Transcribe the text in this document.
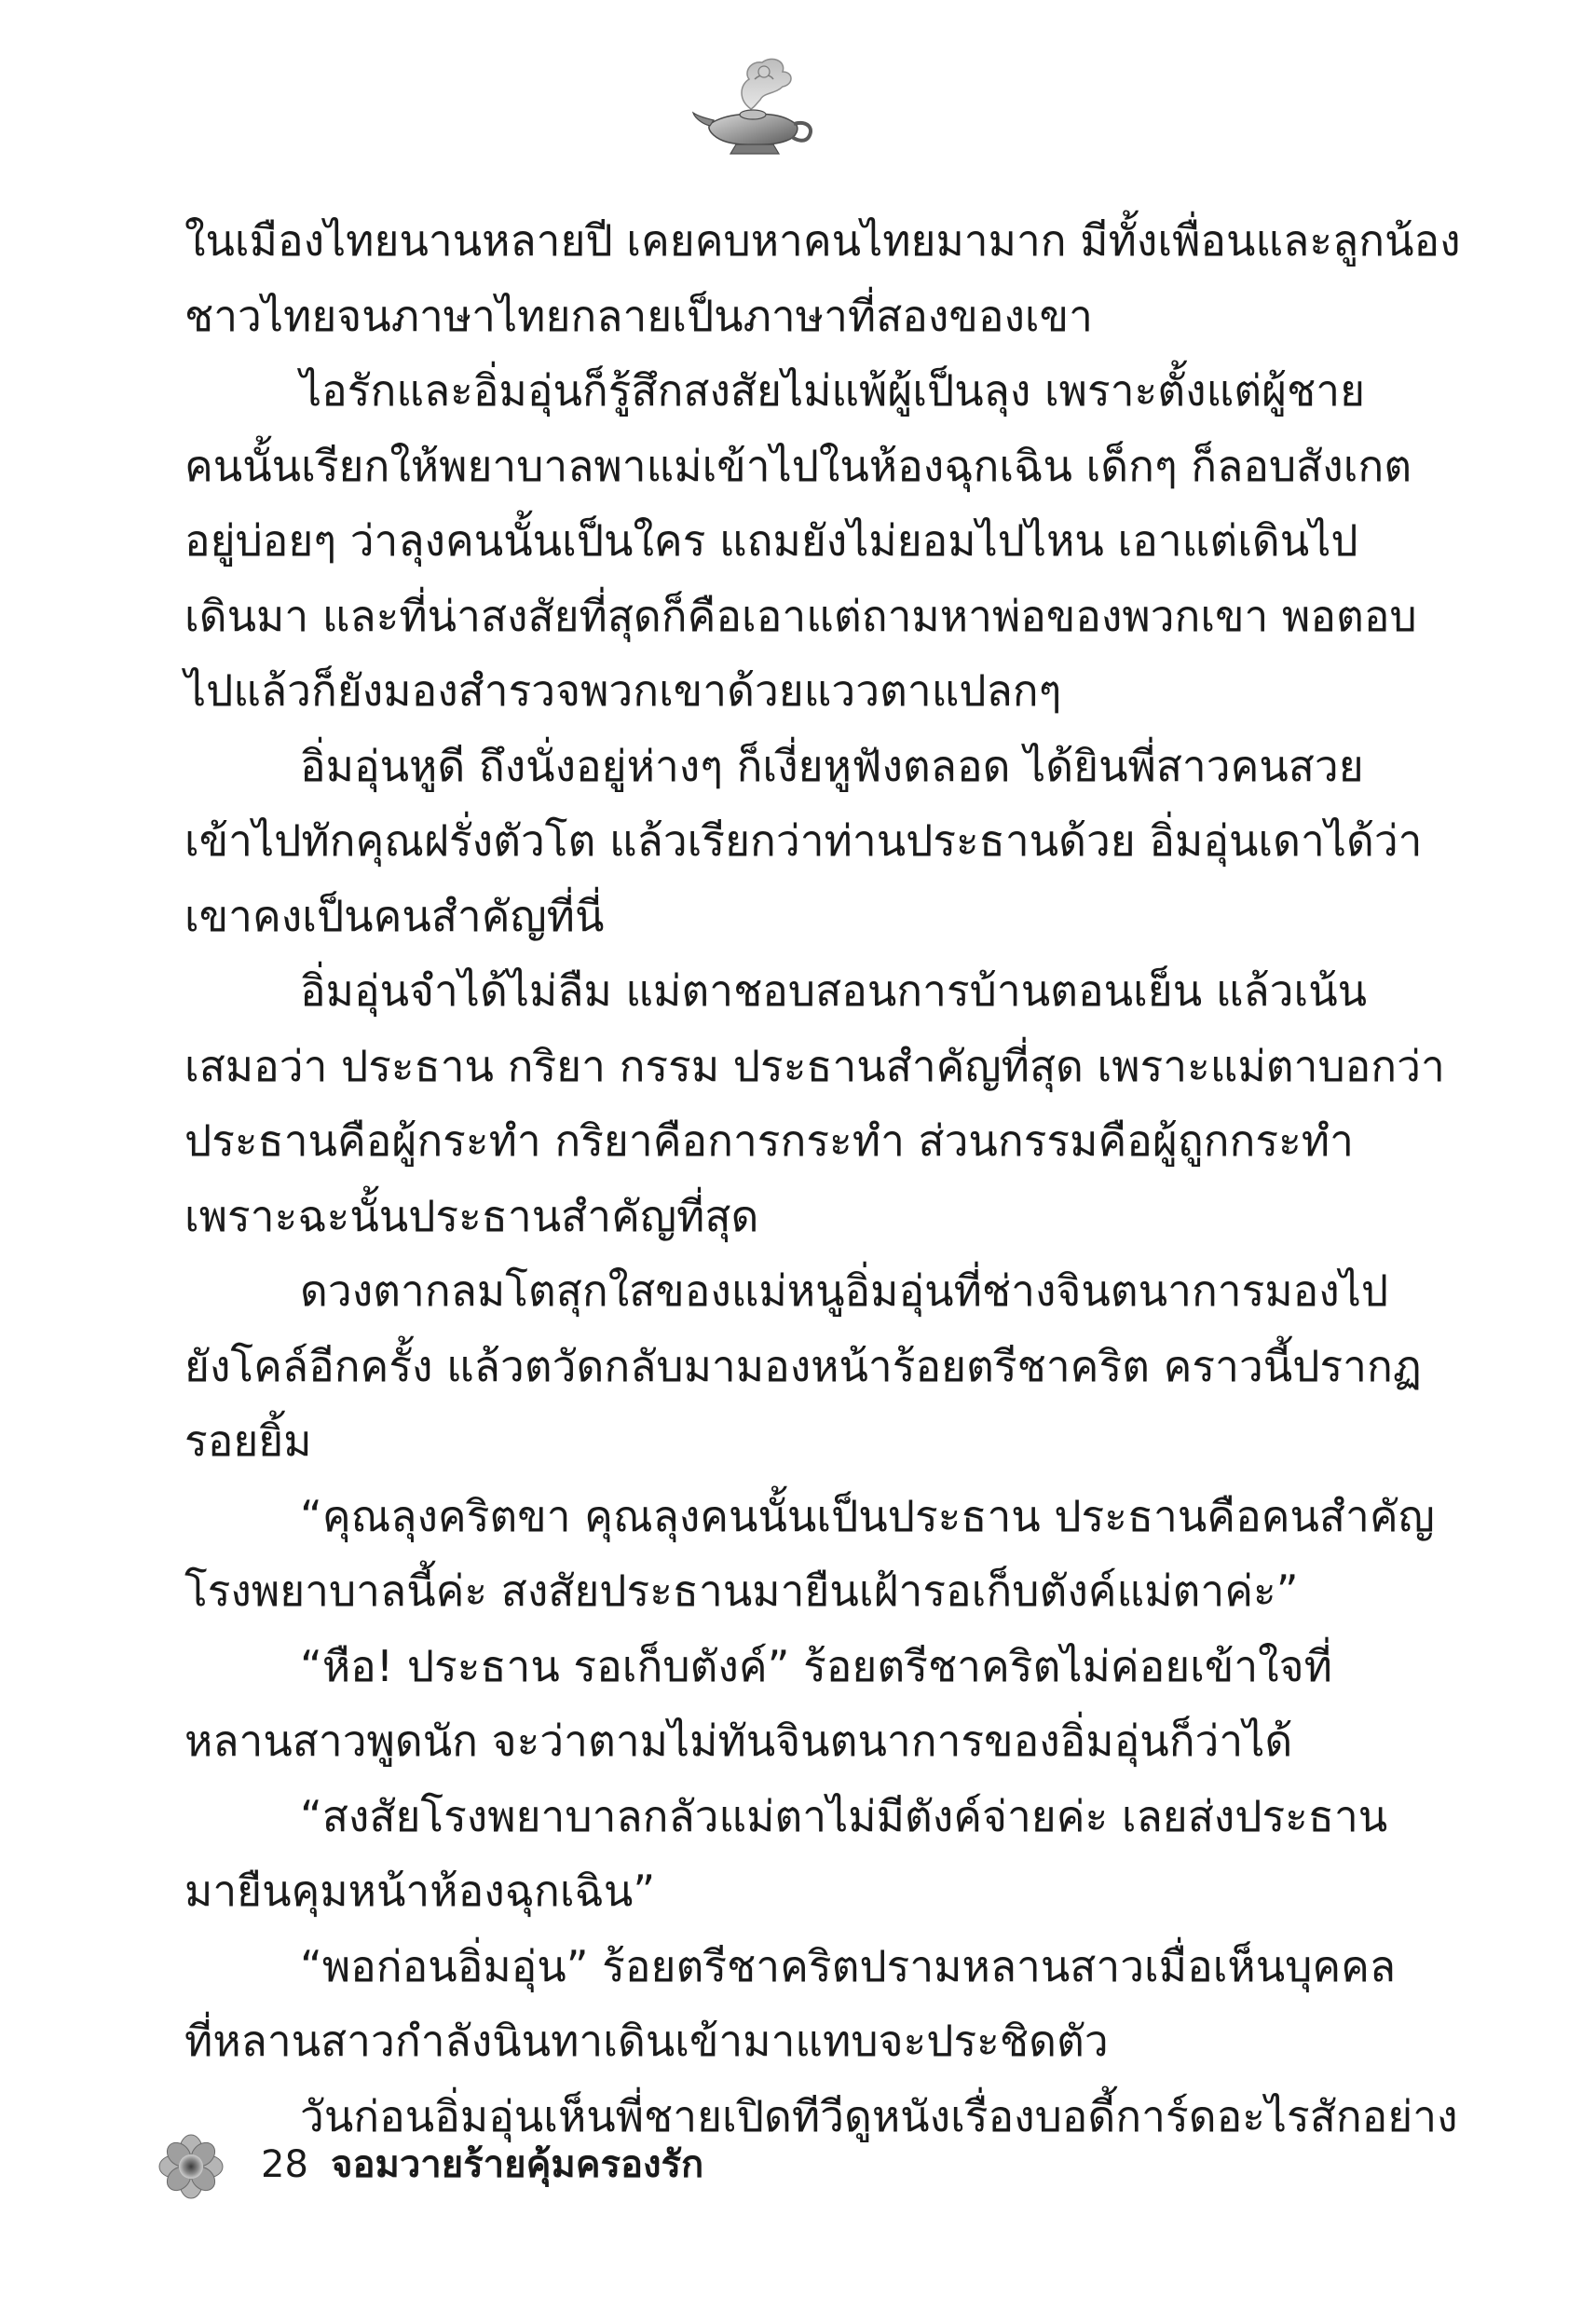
ในเมืองไทยนานหลายปี เคยคบหาคนไทยมามาก มีทั้งเพื่อนและลูกน้อง
ชาวไทยจนภาษาไทยกลายเป็นภาษาที่สองของเขา
ไอรักและอิ่มอุ่นก็รู้สึกสงสัยไม่แพ้ผู้เป็นลุง เพราะตั้งแต่ผู้ชาย
คนนั้นเรียกให้พยาบาลพาแม่เข้าไปในห้องฉุกเฉิน เด็กๆ ก็ลอบสังเกต
อยู่บ่อยๆ ว่าลุงคนนั้นเป็นใคร แถมยังไม่ยอมไปไหน เอาแต่เดินไป
เดินมา และที่น่าสงสัยที่สุดก็คือเอาแต่ถามหาพ่อของพวกเขา พอตอบ
ไปแล้วก็ยังมองสำรวจพวกเขาด้วยแววตาแปลกๆ
อิ่มอุ่นหูดี ถึงนั่งอยู่ห่างๆ ก็เงี่ยหูฟังตลอด ได้ยินพี่สาวคนสวย
เข้าไปทักคุณฝรั่งตัวโต แล้วเรียกว่าท่านประธานด้วย อิ่มอุ่นเดาได้ว่า
เขาคงเป็นคนสำคัญที่นี่
อิ่มอุ่นจำได้ไม่ลืม แม่ตาชอบสอนการบ้านตอนเย็น แล้วเน้น
เสมอว่า ประธาน กริยา กรรม ประธานสำคัญที่สุด เพราะแม่ตาบอกว่า
ประธานคือผู้กระทำ กริยาคือการกระทำ ส่วนกรรมคือผู้ถูกกระทำ
เพราะฉะนั้นประธานสำคัญที่สุด
ดวงตากลมโตสุกใสของแม่หนูอิ่มอุ่นที่ช่างจินตนาการมองไป
ยังโคล์อีกครั้ง แล้วตวัดกลับมามองหน้าร้อยตรีชาคริต คราวนี้ปรากฏ
รอยยิ้ม
“คุณลุงคริตขา คุณลุงคนนั้นเป็นประธาน ประธานคือคนสำคัญ
โรงพยาบาลนี้ค่ะ สงสัยประธานมายืนเฝ้ารอเก็บตังค์แม่ตาค่ะ”
“หือ! ประธาน รอเก็บตังค์” ร้อยตรีชาคริตไม่ค่อยเข้าใจที่
หลานสาวพูดนัก จะว่าตามไม่ทันจินตนาการของอิ่มอุ่นก็ว่าได้
“สงสัยโรงพยาบาลกลัวแม่ตาไม่มีตังค์จ่ายค่ะ เลยส่งประธาน
มายืนคุมหน้าห้องฉุกเฉิน”
“พอก่อนอิ่มอุ่น” ร้อยตรีชาคริตปรามหลานสาวเมื่อเห็นบุคคล
ที่หลานสาวกำลังนินทาเดินเข้ามาแทบจะประชิดตัว
วันก่อนอิ่มอุ่นเห็นพี่ชายเปิดทีวีดูหนังเรื่องบอดี้การ์ดอะไรสักอย่าง
28 จอมวายร้ายคุ้มครองรัก
